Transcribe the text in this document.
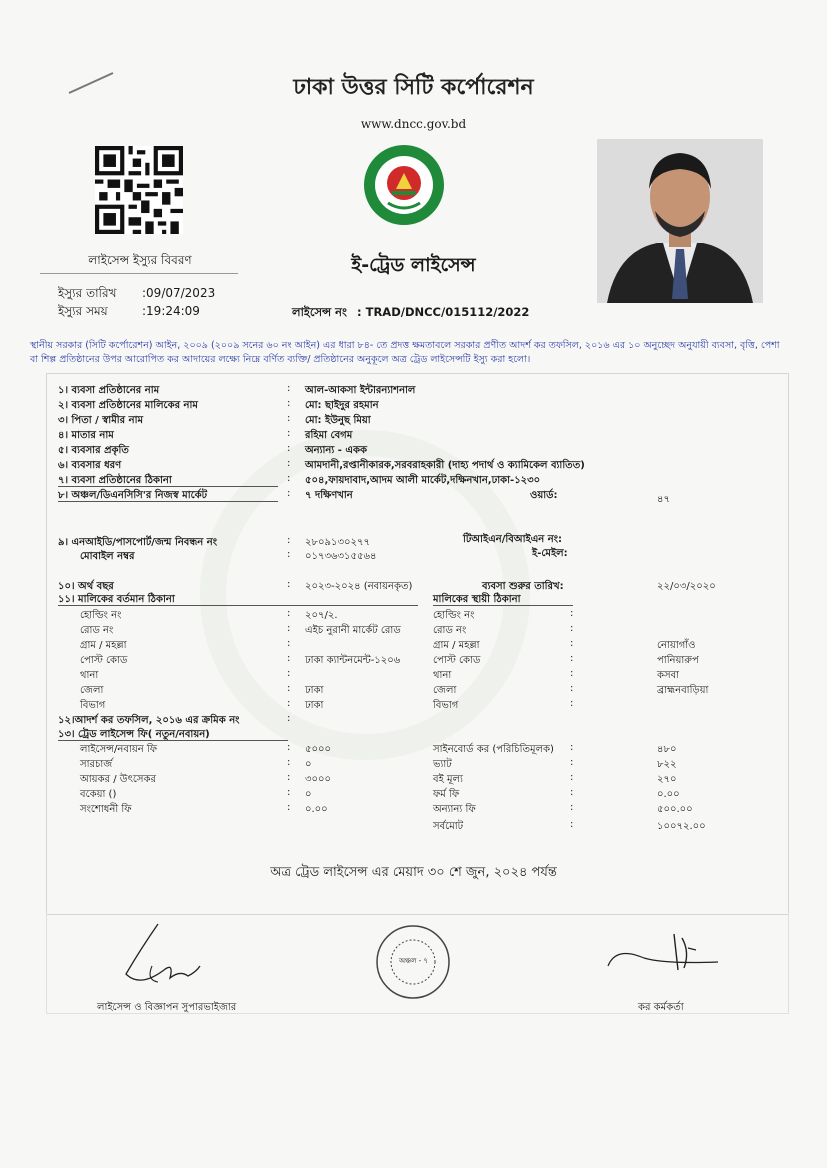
ঢাকা উত্তর সিটি কর্পোরেশন
www.dncc.gov.bd
লাইসেন্স ইস্যুর বিবরণ
ইস্যুর তারিখ :09/07/2023
ইস্যুর সময়	:19:24:09
ই-ট্রেড লাইসেন্স
লাইসেন্স নং : TRAD/DNCC/015112/2022
স্থানীয় সরকার (সিটি কর্পোরেশন) আইন, ২০০৯ (২০০৯ সনের ৬০ নং আইন) এর ধারা ৮৪- তে প্রদত্ত ক্ষমতাবলে সরকার প্রণীত আদর্শ কর তফসিল, ২০১৬ এর ১০ অনুচ্ছেদ অনুযায়ী ব্যবসা, বৃত্তি, পেশা বা শিল্প প্রতিষ্ঠানের উপর আরোপিত কর আদায়ের লক্ষ্যে নিম্নে বর্ণিত ব্যক্তি/ প্রতিষ্ঠানের অনুকূলে অত্র ট্রেড লাইসেন্সটি ইস্যু করা হলো।
১। ব্যবসা প্রতিষ্ঠানের নাম	: আল-আকসা ইন্টারন্যাশনাল
২। ব্যবসা প্রতিষ্ঠানের মালিকের নাম	: মো: ছাইদুর রহমান
৩। পিতা / স্বামীর নাম	: মো: ইউনুছ মিয়া
৪। মাতার নাম	: রহিমা বেগম
৫। ব্যবসার প্রকৃতি	: অন্যান্য - একক
৬। ব্যবসার ধরণ	: আমদানী,রপ্তানীকারক,সরবরাহকারী (দাহ্য পদার্থ ও ক্যামিকেল ব্যাতিত)
৭। ব্যবসা প্রতিষ্ঠানের ঠিকানা	: ৫০৪,ফায়দাবাদ,আদম আলী মার্কেট,দক্ষিনখান,ঢাকা-১২৩০
৮। অঞ্চল/ডিএনসিসি'র নিজস্ব মার্কেট	: ৭ দক্ষিণখান	ওয়ার্ড:	৪৭
৯। এনআইডি/পাসপোর্ট/জন্ম নিবন্ধন নং	: ২৮০৯১৩০২৭৭	টিআইএন/বিআইএন নং:
মোবাইল নম্বর	: ০১৭৩৬৩১৫৫৬৪	ই-মেইল:
১০। অর্থ বছর	: ২০২৩-২০২৪ (নবায়নকৃত)	ব্যবসা শুরুর তারিখ:	২২/০৩/২০২০
১১। মালিকের বর্তমান ঠিকানা	মালিকের স্থায়ী ঠিকানা
হোল্ডিং নং	: ২০৭/২.	হোল্ডিং নং	:
রোড নং	: এইচ নুরানী মার্কেট রোড	রোড নং	:
গ্রাম / মহল্লা	:	গ্রাম / মহল্লা	:	নোয়াগাঁও
পোস্ট কোড	: ঢাকা ক্যান্টনমেন্ট-১২০৬	পোস্ট কোড	:	পানিয়ারুপ
থানা	:	থানা	:	কসবা
জেলা	: ঢাকা	জেলা	:	ব্রাহ্মনবাড়িয়া
বিভাগ	: ঢাকা	বিভাগ	:
১২।আদর্শ কর তফসিল, ২০১৬ এর ক্রমিক নং	:
১৩। ট্রেড লাইসেন্স ফি( নতুন/নবায়ন)
লাইসেন্স/নবায়ন ফি	: ৫০০০	সাইনবোর্ড কর (পরিচিতিমূলক) :	৪৮০
সারচার্জ	: ০	ভ্যাট	:	৮২২
আয়কর / উৎসেকর	: ৩০০০	বই মূল্য	:	২৭০
বকেয়া ()	: ০	ফর্ম ফি	:	০.০০
সংশোধনী ফি	: ০.০০	অন্যান্য ফি	:	৫০০.০০
সর্বমোট	:	১০০৭২.০০
অত্র ট্রেড লাইসেন্স এর মেয়াদ ৩০ শে জুন, ২০২৪ পর্যন্ত
লাইসেন্স ও বিজ্ঞাপন সুপারভাইজার
অঞ্চল - ৭
কর কর্মকর্তা
